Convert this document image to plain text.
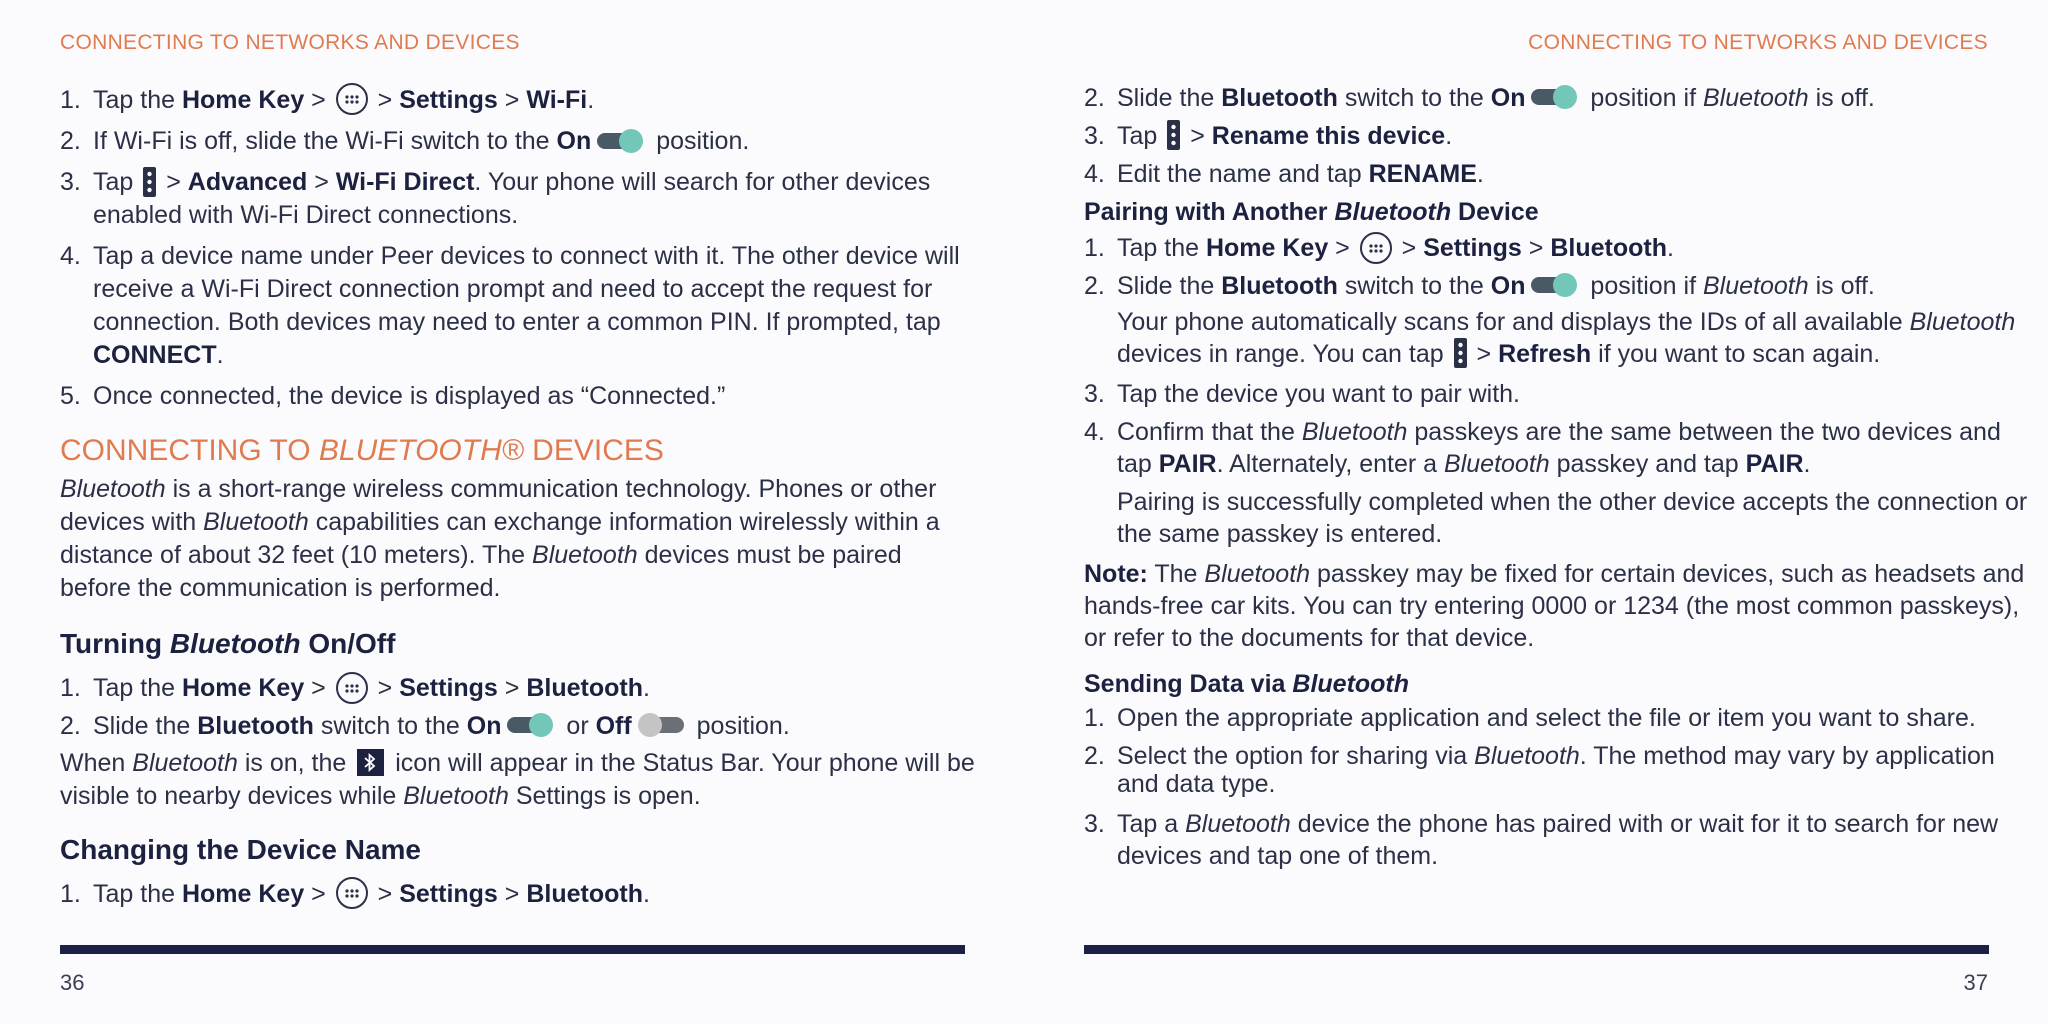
CONNECTING TO NETWORKS AND DEVICES
1. Tap the Home Key >
> Settings > Wi-Fi.
2. If Wi-Fi is off, slide the Wi-Fi switch to the On position.
3. Tap
> Advanced > Wi-Fi Direct. Your phone will search for other devices enabled with Wi-Fi Direct connections.
4. Tap a device name under Peer devices to connect with it. The other device will receive a Wi-Fi Direct connection prompt and need to accept the request for connection. Both devices may need to enter a common PIN. If prompted, tap CONNECT.
5. Once connected, the device is displayed as “Connected.”
CONNECTING TO BLUETOOTH® DEVICES

Bluetooth is a short-range wireless communication technology. Phones or other devices with Bluetooth capabilities can exchange information wirelessly within a distance of about 32 feet (10 meters). The Bluetooth devices must be paired before the communication is performed.

Turning Bluetooth On/Off
1. Tap the Home Key >
> Settings > Bluetooth.
2. Slide the Bluetooth switch to the On or Off position.

When Bluetooth is on, the
icon will appear in the Status Bar. Your phone will be visible to nearby devices while Bluetooth Settings is open.

Changing the Device Name
1. Tap the Home Key >
> Settings > Bluetooth.
36
CONNECTING TO NETWORKS AND DEVICES
2. Slide the Bluetooth switch to the On position if Bluetooth is off.
3. Tap
> Rename this device.
4. Edit the name and tap RENAME.
Pairing with Another Bluetooth Device
1. Tap the Home Key >
> Settings > Bluetooth.
2. Slide the Bluetooth switch to the On position if Bluetooth is off.

Your phone automatically scans for and displays the IDs of all available Bluetooth devices in range. You can tap
> Refresh if you want to scan again.

3. Tap the device you want to pair with.
4. Confirm that the Bluetooth passkeys are the same between the two devices and tap PAIR. Alternately, enter a Bluetooth passkey and tap PAIR.

Pairing is successfully completed when the other device accepts the connection or the same passkey is entered.

Note: The Bluetooth passkey may be fixed for certain devices, such as headsets and hands-free car kits. You can try entering 0000 or 1234 (the most common passkeys), or refer to the documents for that device.

Sending Data via Bluetooth
1. Open the appropriate application and select the file or item you want to share.
2. Select the option for sharing via Bluetooth. The method may vary by application and data type.
3. Tap a Bluetooth device the phone has paired with or wait for it to search for new devices and tap one of them.
37
